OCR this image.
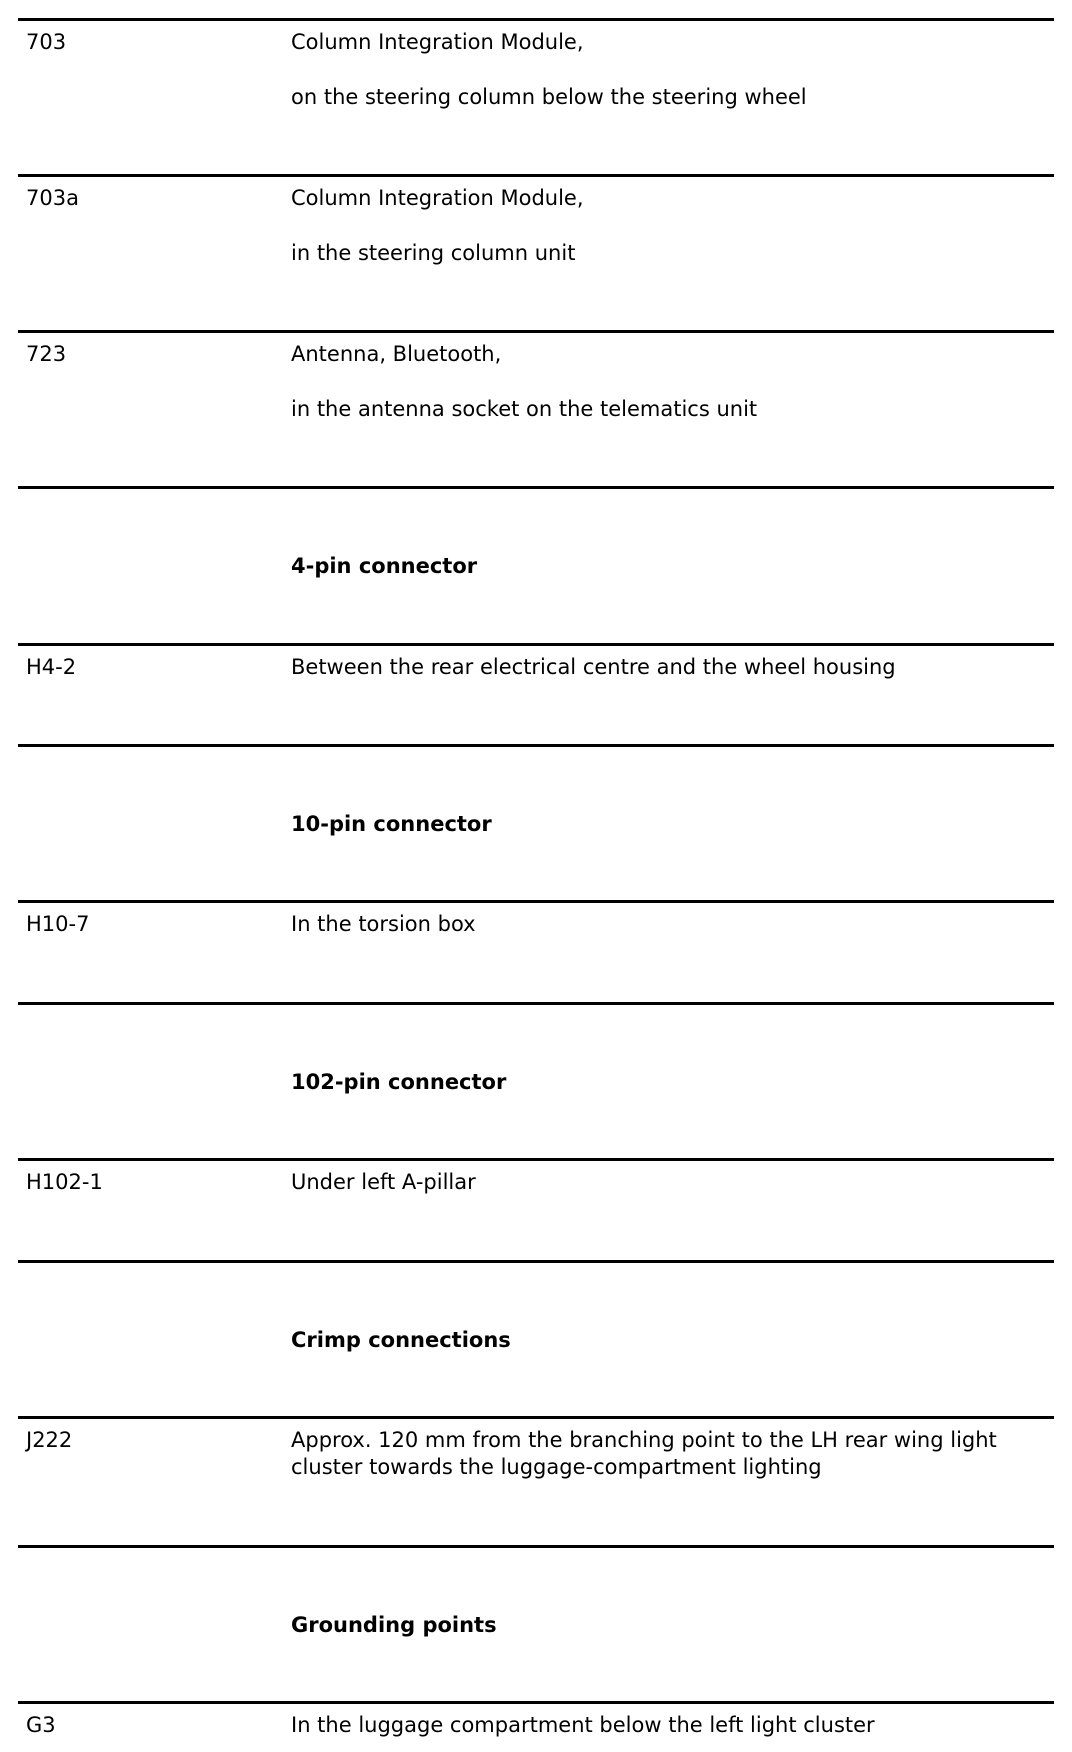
703	Column Integration Module,

on the steering column below the steering wheel

703a	Column Integration Module,

in the steering column unit

723	Antenna, Bluetooth,

in the antenna socket on the telematics unit

4-pin connector
H4-2	Between the rear electrical centre and the wheel housing
10-pin connector
H10-7	In the torsion box
102-pin connector
H102-1	Under left A-pillar
Crimp connections
J222	Approx. 120 mm from the branching point to the LH rear wing light cluster towards the luggage-compartment lighting
Grounding points
G3	In the luggage compartment below the left light cluster
